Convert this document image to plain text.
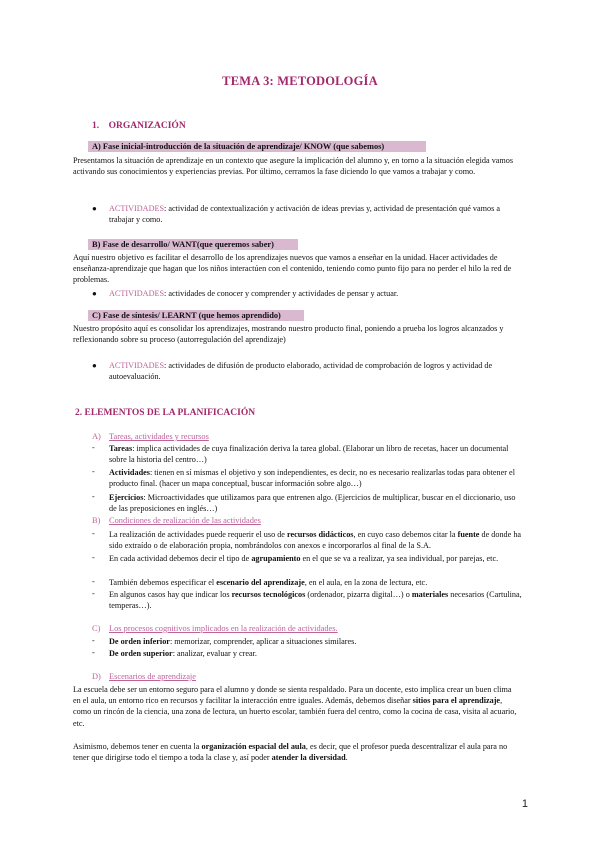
TEMA 3: METODOLOGÍA
1. ORGANIZACIÓN
A) Fase inicial-introducción de la situación de aprendizaje/ KNOW (que sabemos)
Presentamos la situación de aprendizaje en un contexto que asegure la implicación del alumno y, en torno a la situación elegida vamos activando sus conocimientos y experiencias previas. Por último, cerramos la fase diciendo lo que vamos a trabajar y como.
● ACTIVIDADES: actividad de contextualización y activación de ideas previas y, actividad de presentación qué vamos a trabajar y como.
B) Fase de desarrollo/ WANT(que queremos saber)
Aquí nuestro objetivo es facilitar el desarrollo de los aprendizajes nuevos que vamos a enseñar en la unidad. Hacer actividades de enseñanza-aprendizaje que hagan que los niños interactúen con el contenido, teniendo como punto fijo para no perder el hilo la red de problemas.
● ACTIVIDADES: actividades de conocer y comprender y actividades de pensar y actuar.
C) Fase de síntesis/ LEARNT (que hemos aprendido)
Nuestro propósito aquí es consolidar los aprendizajes, mostrando nuestro producto final, poniendo a prueba los logros alcanzados y reflexionando sobre su proceso (autorregulación del aprendizaje)
● ACTIVIDADES: actividades de difusión de producto elaborado, actividad de comprobación de logros y actividad de autoevaluación.
2. ELEMENTOS DE LA PLANIFICACIÓN
A) Tareas, actividades y recursos
- Tareas: implica actividades de cuya finalización deriva la tarea global. (Elaborar un libro de recetas, hacer un documental sobre la historia del centro…)
- Actividades: tienen en sí mismas el objetivo y son independientes, es decir, no es necesario realizarlas todas para obtener el producto final. (hacer un mapa conceptual, buscar información sobre algo…)
- Ejercicios: Microactividades que utilizamos para que entrenen algo. (Ejercicios de multiplicar, buscar en el diccionario, uso de las preposiciones en inglés…)
B) Condiciones de realización de las actividades
- La realización de actividades puede requerir el uso de recursos didácticos, en cuyo caso debemos citar la fuente de donde ha sido extraído o de elaboración propia, nombrándolos con anexos e incorporarlos al final de la S.A.
- En cada actividad debemos decir el tipo de agrupamiento en el que se va a realizar, ya sea individual, por parejas, etc.
- También debemos especificar el escenario del aprendizaje, en el aula, en la zona de lectura, etc.
- En algunos casos hay que indicar los recursos tecnológicos (ordenador, pizarra digital…) o materiales necesarios (Cartulina, temperas…).
C) Los procesos cognitivos implicados en la realización de actividades.
- De orden inferior: memorizar, comprender, aplicar a situaciones similares.
- De orden superior: analizar, evaluar y crear.
D) Escenarios de aprendizaje
La escuela debe ser un entorno seguro para el alumno y donde se sienta respaldado. Para un docente, esto implica crear un buen clima en el aula, un entorno rico en recursos y facilitar la interacción entre iguales. Además, debemos diseñar sitios para el aprendizaje, como un rincón de la ciencia, una zona de lectura, un huerto escolar, también fuera del centro, como la cocina de casa, visita al acuario, etc.
Asimismo, debemos tener en cuenta la organización espacial del aula, es decir, que el profesor pueda descentralizar el aula para no tener que dirigirse todo el tiempo a toda la clase y, así poder atender la diversidad.
1
